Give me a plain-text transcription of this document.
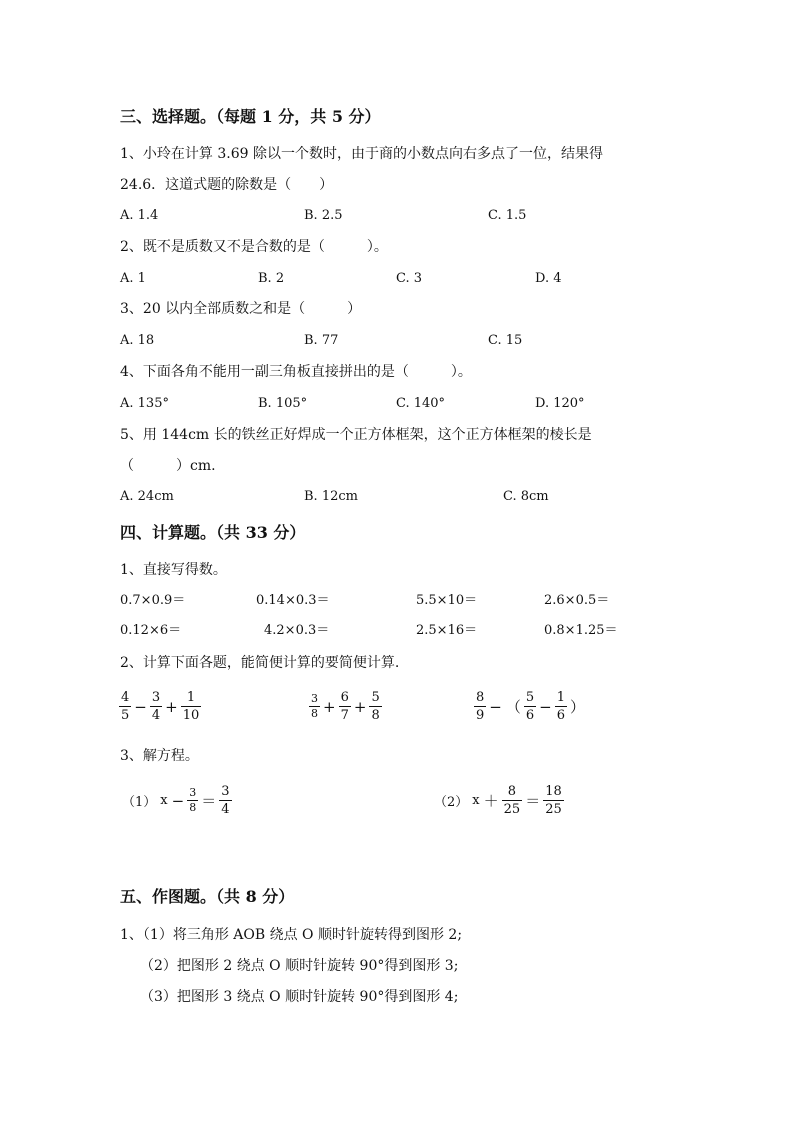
三、选择题。（每题 1 分，共 5 分）
1、小玲在计算 3.69 除以一个数时，由于商的小数点向右多点了一位，结果得
24.6．这道式题的除数是（　　）
A. 1.4	B. 2.5	C. 1.5
2、既不是质数又不是合数的是（　　　）。
A. 1	B. 2	C. 3	D. 4
3、20 以内全部质数之和是（　　　）
A. 18	B. 77	C. 15
4、下面各角不能用一副三角板直接拼出的是（　　　）。
A. 135°	B. 105°	C. 140°	D. 120°
5、用 144cm 长的铁丝正好焊成一个正方体框架，这个正方体框架的棱长是
（　　　）cm.
A. 24cm	B. 12cm	C. 8cm
四、计算题。（共 33 分）
1、直接写得数。
0.7×0.9＝	0.14×0.3＝	5.5×10＝	2.6×0.5＝
0.12×6＝	4.2×0.3＝	2.5×16＝	0.8×1.25＝
2、计算下面各题，能简便计算的要简便计算.
$\frac{4}{5} - \frac{3}{4} + \frac{1}{10}$	$\frac{3}{8} + \frac{6}{7} + \frac{5}{8}$	$\frac{8}{9}$ − （ $\frac{5}{6} - \frac{1}{6}$ ）
3、解方程。
（1） $x - \frac{3}{8} = \frac{3}{4}$	（2） $x + \frac{8}{25} = \frac{18}{25}$
五、作图题。（共 8 分）
1、（1）将三角形 AOB 绕点 O 顺时针旋转得到图形 2;
（2）把图形 2 绕点 O 顺时针旋转 90°得到图形 3;
（3）把图形 3 绕点 O 顺时针旋转 90°得到图形 4;
